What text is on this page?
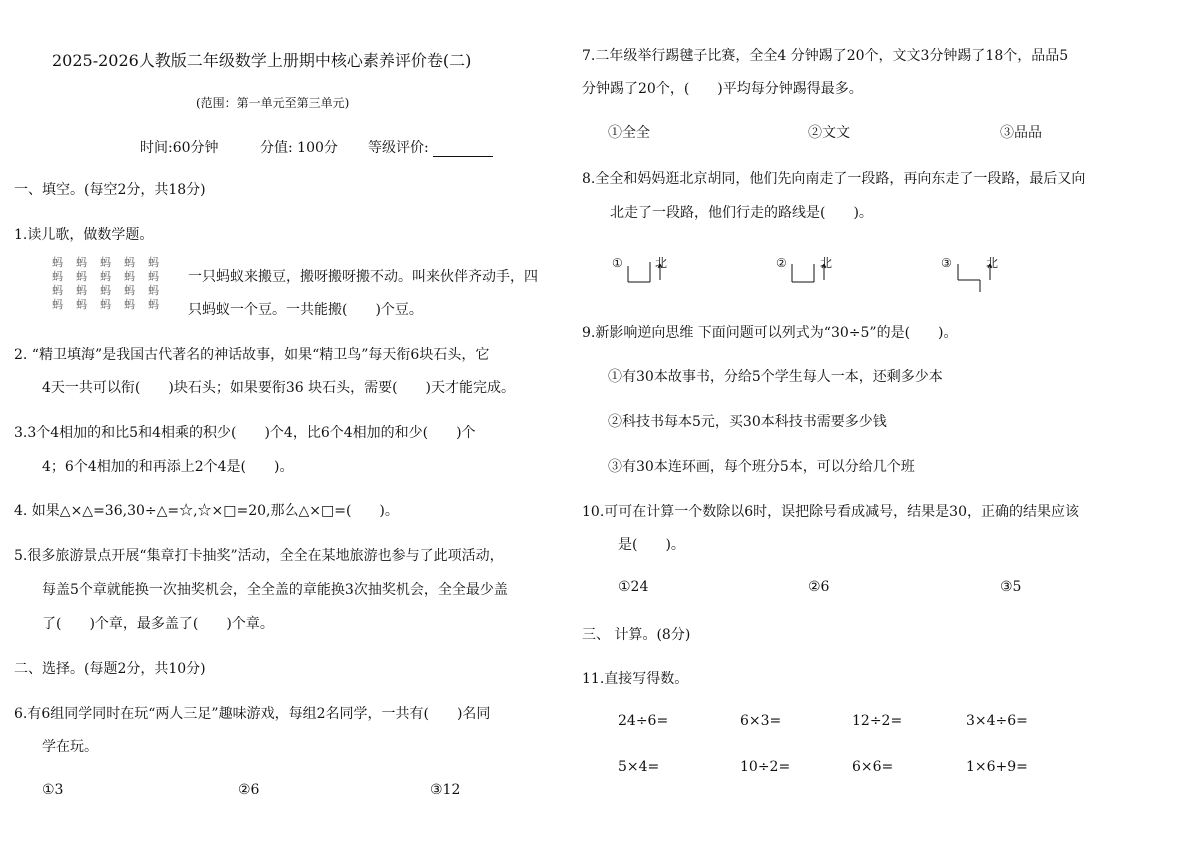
2025-2026人教版二年级数学上册期中核心素养评价卷(二)
(范围：第一单元至第三单元)
时间:60分钟	分值: 100分 等级评价:
一、填空。(每空2分，共18分)
1.读儿歌，做数学题。
蚂	蚂	蚂	蚂	蚂
蚂	蚂	蚂	蚂	蚂
蚂	蚂	蚂	蚂	蚂
蚂	蚂	蚂	蚂	蚂
一只蚂蚁来搬豆，搬呀搬呀搬不动。叫来伙伴齐动手，四
只蚂蚁一个豆。一共能搬(　　)个豆。
2. “精卫填海”是我国古代著名的神话故事，如果“精卫鸟”每天衔6块石头，它
4天一共可以衔(　　)块石头；如果要衔36 块石头，需要(　　)天才能完成。
3.3个4相加的和比5和4相乘的积少(　　)个4，比6个4相加的和少(　　)个
4；6个4相加的和再添上2个4是(　　)。
4. 如果△×△=36,30÷△=☆,☆×□=20,那么△×□=(　　)。
5.很多旅游景点开展“集章打卡抽奖”活动，全全在某地旅游也参与了此项活动，
每盖5个章就能换一次抽奖机会，全全盖的章能换3次抽奖机会，全全最少盖
了(　　)个章，最多盖了(　　)个章。
二、选择。(每题2分，共10分)
6.有6组同学同时在玩“两人三足”趣味游戏，每组2名同学，一共有(　　)名同
学在玩。
①3	②6	③12
7.二年级举行踢毽子比赛，全全4 分钟踢了20个，文文3分钟踢了18个，品品5
分钟踢了20个，(　　)平均每分钟踢得最多。
①全全	②文文	③品品
8.全全和妈妈逛北京胡同，他们先向南走了一段路，再向东走了一段路，最后又向
北走了一段路，他们行走的路线是(　　)。
①	北	②	北	③	北
9.新影响逆向思维 下面问题可以列式为“30÷5”的是(　　)。
①有30本故事书，分给5个学生每人一本，还剩多少本
②科技书每本5元，买30本科技书需要多少钱
③有30本连环画，每个班分5本，可以分给几个班
10.可可在计算一个数除以6时，误把除号看成减号，结果是30，正确的结果应该
是(　　)。
①24	②6	③5
三、 计算。(8分)
11.直接写得数。
24÷6=	6×3=	12÷2=	3×4÷6=
5×4=	10÷2=	6×6=	1×6+9=
